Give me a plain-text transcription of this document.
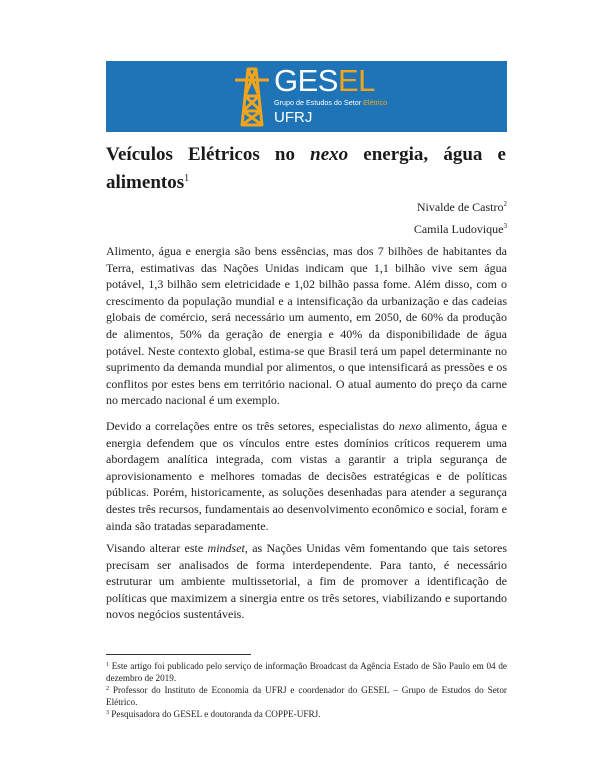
GESEL
Grupo de Estudos do Setor Elétrico
UFRJ
Veículos Elétricos no nexo energia, água e
alimentos$^1$
Nivalde de Castro$^2$
Camila Ludovique$^3$

Alimento, água e energia são bens essências, mas dos 7 bilhões de habitantes da Terra, estimativas das Nações Unidas indicam que 1,1 bilhão vive sem água potável, 1,3 bilhão sem eletricidade e 1,02 bilhão passa fome. Além disso, com o crescimento da população mundial e a intensificação da urbanização e das cadeias globais de comércio, será necessário um aumento, em 2050, de 60% da produção de alimentos, 50% da geração de energia e 40% da disponibilidade de água potável. Neste contexto global, estima-se que Brasil terá um papel determinante no suprimento da demanda mundial por alimentos, o que intensificará as pressões e os conflitos por estes bens em território nacional. O atual aumento do preço da carne no mercado nacional é um exemplo.

Devido a correlações entre os três setores, especialistas do nexo alimento, água e energia defendem que os vínculos entre estes domínios críticos requerem uma abordagem analítica integrada, com vistas a garantir a tripla segurança de aprovisionamento e melhores tomadas de decisões estratégicas e de políticas públicas. Porém, historicamente, as soluções desenhadas para atender a segurança destes três recursos, fundamentais ao desenvolvimento econômico e social, foram e ainda são tratadas separadamente.

Visando alterar este mindset, as Nações Unidas vêm fomentando que tais setores precisam ser analisados de forma interdependente. Para tanto, é necessário estruturar um ambiente multissetorial, a fim de promover a identificação de políticas que maximizem a sinergia entre os três setores, viabilizando e suportando novos negócios sustentáveis.

$^1$ Este artigo foi publicado pelo serviço de informação Broadcast da Agência Estado de São Paulo em 04 de dezembro de 2019.

$^2$ Professor do Instituto de Economia da UFRJ e coordenador do GESEL – Grupo de Estudos do Setor Elétrico.

$^3$ Pesquisadora do GESEL e doutoranda da COPPE-UFRJ.
